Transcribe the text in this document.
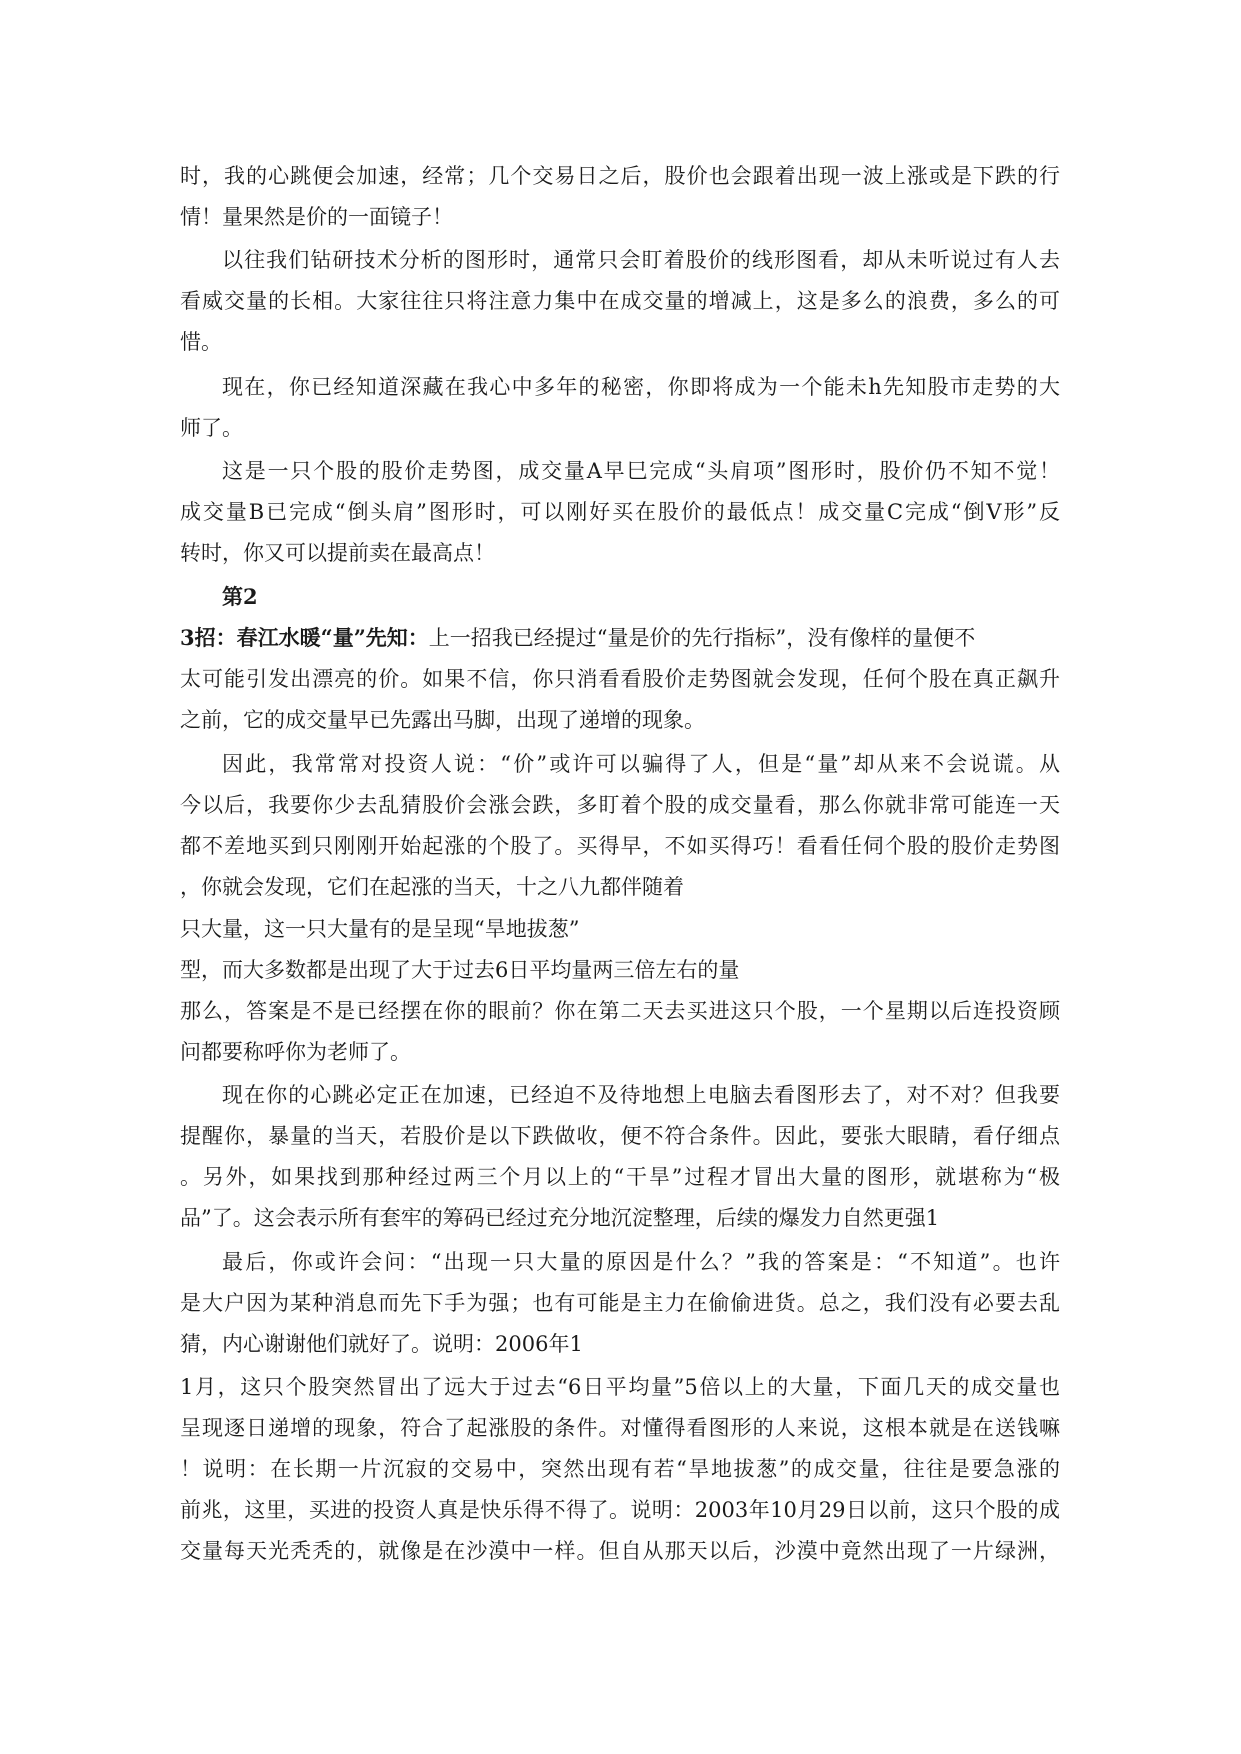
时，我的心跳便会加速，经常；几个交易日之后，股价也会跟着出现一波上涨或是下跌的行

情！量果然是价的一面镜子！

以往我们钻研技术分析的图形时，通常只会盯着股价的线形图看，却从未听说过有人去

看威交量的长相。大家往往只将注意力集中在成交量的增减上，这是多么的浪费，多么的可

惜。

现在，你已经知道深藏在我心中多年的秘密，你即将成为一个能未h先知股市走势的大

师了。

这是一只个股的股价走势图，成交量A早巳完成“头肩项”图形时，股价仍不知不觉！

成交量B已完成“倒头肩”图形时，可以刚好买在股价的最低点！成交量C完成“倒V形”反

转时，你又可以提前卖在最高点！

第2

3招：春江水暖“量”先知：上一招我已经提过“量是价的先行指标”，没有像样的量便不

太可能引发出漂亮的价。如果不信，你只消看看股价走势图就会发现，任何个股在真正飙升

之前，它的成交量早已先露出马脚，出现了递增的现象。

因此，我常常对投资人说：“价”或许可以骗得了人，但是“量”却从来不会说谎。从

今以后，我要你少去乱猜股价会涨会跌，多盯着个股的成交量看，那么你就非常可能连一天

都不差地买到只刚刚开始起涨的个股了。买得早，不如买得巧！看看任伺个股的股价走势图

，你就会发现，它们在起涨的当天，十之八九都伴随着

只大量，这一只大量有的是呈现“旱地拔葱”

型，而大多数都是出现了大于过去6日平均量两三倍左右的量

那么，答案是不是已经摆在你的眼前？你在第二天去买进这只个股，一个星期以后连投资顾

问都要称呼你为老师了。

现在你的心跳必定正在加速，已经迫不及待地想上电脑去看图形去了，对不对？但我要

提醒你，暴量的当天，若股价是以下跌做收，便不符合条件。因此，要张大眼睛，看仔细点

。另外，如果找到那种经过两三个月以上的“干旱”过程才冒出大量的图形，就堪称为“极

品”了。这会表示所有套牢的筹码已经过充分地沉淀整理，后续的爆发力自然更强1

最后，你或许会问：“出现一只大量的原因是什么？”我的答案是：“不知道”。也许

是大户因为某种消息而先下手为强；也有可能是主力在偷偷进货。总之，我们没有必要去乱

猜，内心谢谢他们就好了。说明：2006年1

1月，这只个股突然冒出了远大于过去“6日平均量”5倍以上的大量，下面几天的成交量也

呈现逐日递增的现象，符合了起涨股的条件。对懂得看图形的人来说，这根本就是在送钱嘛

！说明：在长期一片沉寂的交易中，突然出现有若“旱地拔葱”的成交量，往往是要急涨的

前兆，这里，买进的投资人真是快乐得不得了。说明：2003年10月29日以前，这只个股的成

交量每天光秃秃的，就像是在沙漠中一样。但自从那天以后，沙漠中竟然出现了一片绿洲，
